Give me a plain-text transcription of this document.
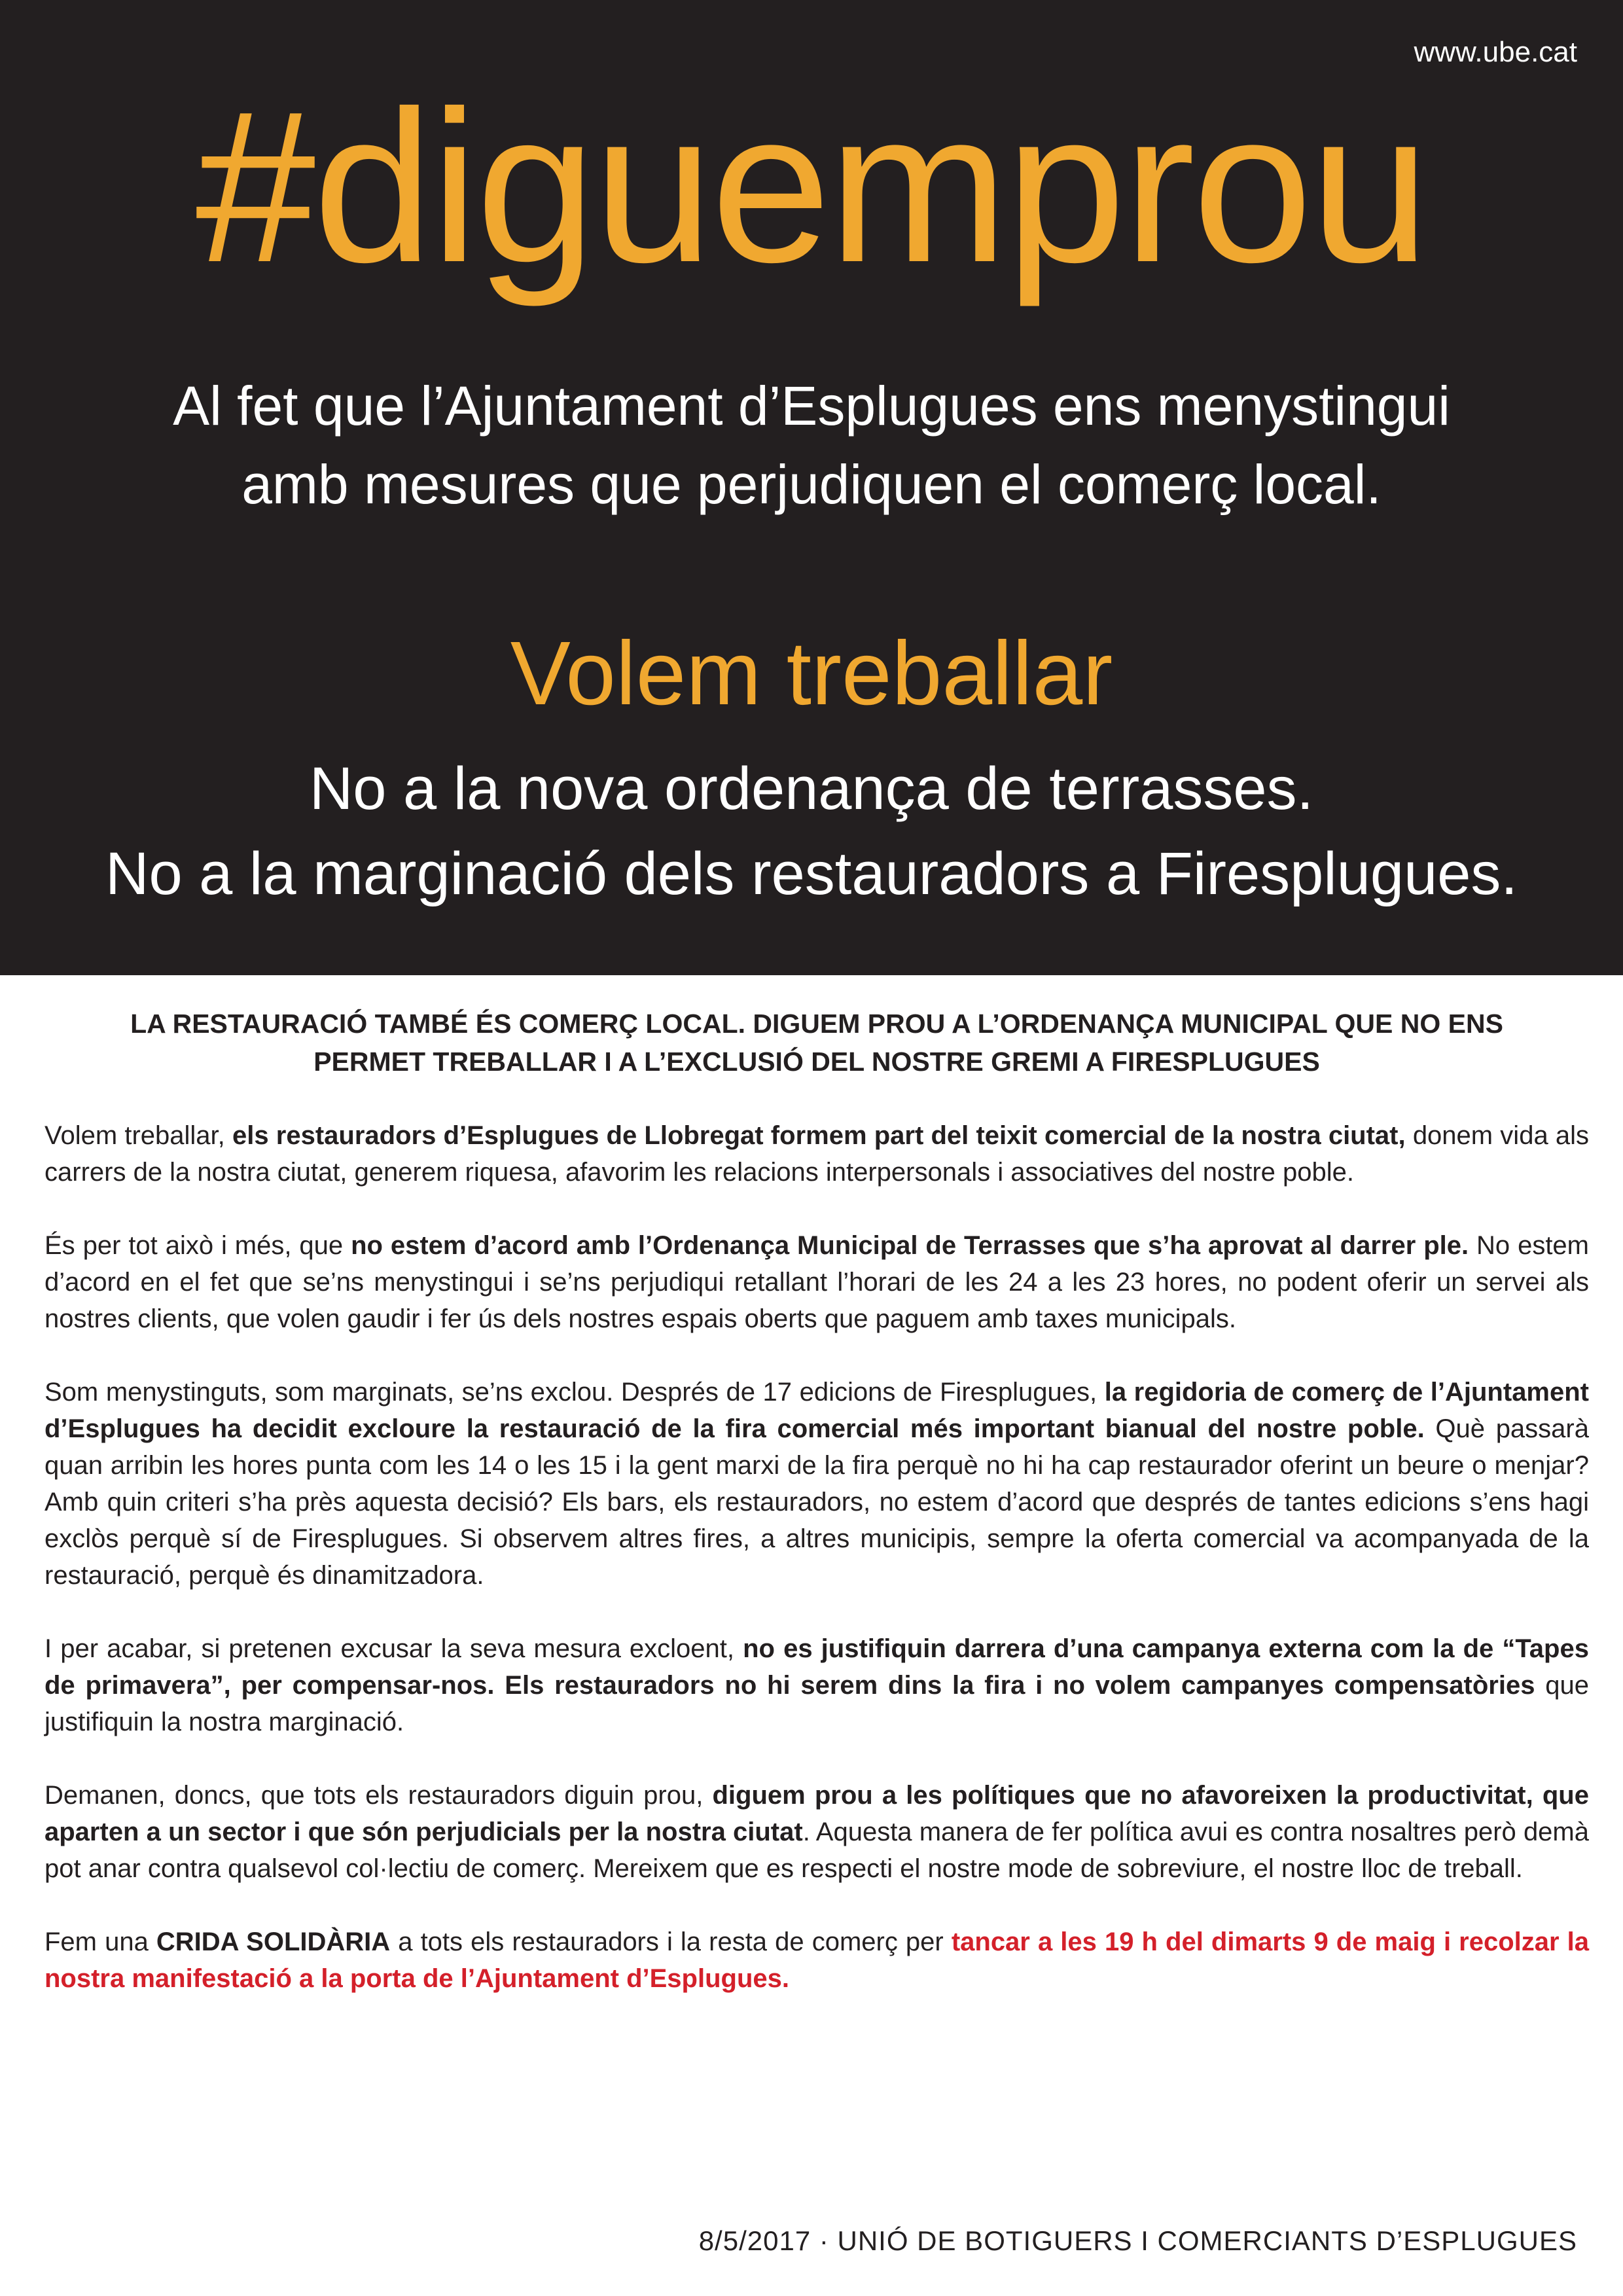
www.ube.cat
#diguemprou
Al fet que l’Ajuntament d’Esplugues ens menystingui
amb mesures que perjudiquen el comerç local.
Volem treballar
No a la nova ordenança de terrasses.
No a la marginació dels restauradors a Firesplugues.
LA RESTAURACIÓ TAMBÉ ÉS COMERÇ LOCAL. DIGUEM PROU A L’ORDENANÇA MUNICIPAL QUE NO ENS
PERMET TREBALLAR I A L’EXCLUSIÓ DEL NOSTRE GREMI A FIRESPLUGUES

Volem treballar, els restauradors d’Esplugues de Llobregat formem part del teixit comercial de la nostra ciutat, donem vida als carrers de la nostra ciutat, generem riquesa, afavorim les relacions interpersonals i associatives del nostre poble.

És per tot això i més, que no estem d’acord amb l’Ordenança Municipal de Terrasses que s’ha aprovat al darrer ple. No estem d’acord en el fet que se’ns menystingui i se’ns perjudiqui retallant l’horari de les 24 a les 23 hores, no podent oferir un servei als nostres clients, que volen gaudir i fer ús dels nostres espais oberts que paguem amb taxes municipals.

Som menystinguts, som marginats, se’ns exclou. Després de 17 edicions de Firesplugues, la regidoria de comerç de l’Ajuntament d’Esplugues ha decidit excloure la restauració de la fira comercial més important bianual del nostre poble. Què passarà quan arribin les hores punta com les 14 o les 15 i la gent marxi de la fira perquè no hi ha cap restaurador oferint un beure o menjar? Amb quin criteri s’ha près aquesta decisió? Els bars, els restauradors, no estem d’acord que després de tantes edicions s’ens hagi exclòs perquè sí de Firesplugues. Si observem altres fires, a altres municipis, sempre la oferta comercial va acompanyada de la restauració, perquè és dinamitzadora.

I per acabar, si pretenen excusar la seva mesura excloent, no es justifiquin darrera d’una campanya externa com la de “Tapes de primavera”, per compensar-nos. Els restauradors no hi serem dins la fira i no volem campanyes compensatòries que justifiquin la nostra marginació.

Demanen, doncs, que tots els restauradors diguin prou, diguem prou a les polítiques que no afavoreixen la productivitat, que aparten a un sector i que són perjudicials per la nostra ciutat. Aquesta manera de fer política avui es contra nosaltres però demà pot anar contra qualsevol col·lectiu de comerç. Mereixem que es respecti el nostre mode de sobreviure, el nostre lloc de treball.

Fem una CRIDA SOLIDÀRIA a tots els restauradors i la resta de comerç per tancar a les 19 h del dimarts 9 de maig i recolzar la nostra manifestació a la porta de l’Ajuntament d’Esplugues.

8/5/2017 · UNIÓ DE BOTIGUERS I COMERCIANTS D’ESPLUGUES
